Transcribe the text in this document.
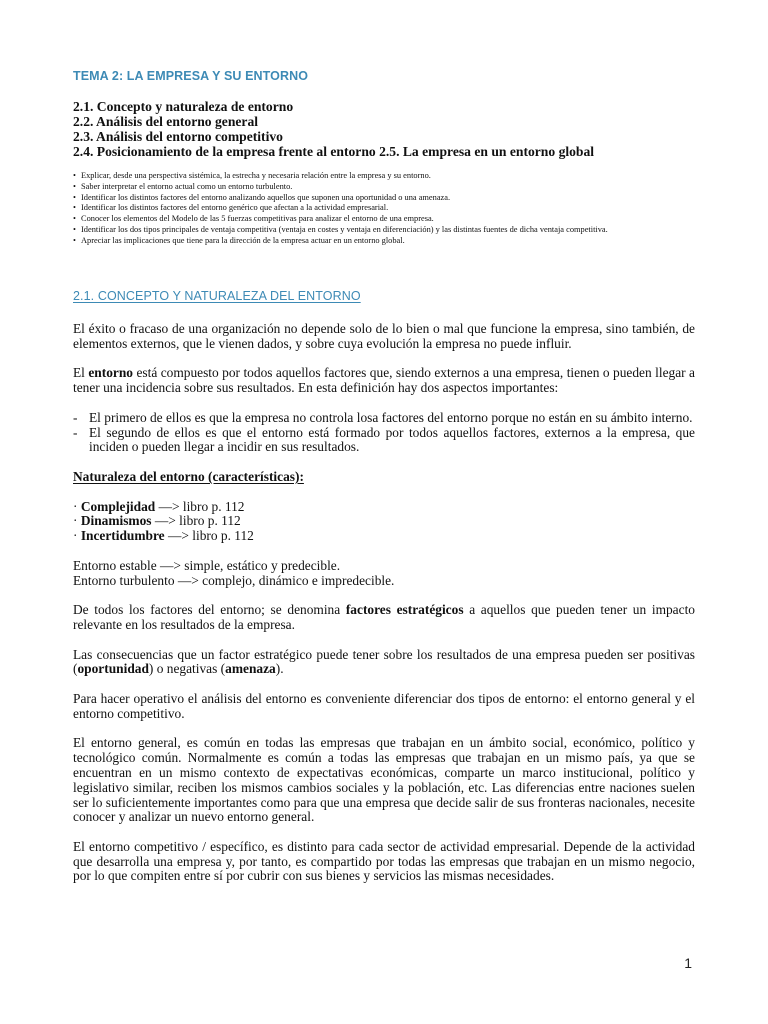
TEMA 2: LA EMPRESA Y SU ENTORNO
2.1. Concepto y naturaleza de entorno
2.2. Análisis del entorno general
2.3. Análisis del entorno competitivo
2.4. Posicionamiento de la empresa frente al entorno 2.5. La empresa en un entorno global
• Explicar, desde una perspectiva sistémica, la estrecha y necesaria relación entre la empresa y su entorno.
• Saber interpretar el entorno actual como un entorno turbulento.
• Identificar los distintos factores del entorno analizando aquellos que suponen una oportunidad o una amenaza.
• Identificar los distintos factores del entorno genérico que afectan a la actividad empresarial.
• Conocer los elementos del Modelo de las 5 fuerzas competitivas para analizar el entorno de una empresa.
• Identificar los dos tipos principales de ventaja competitiva (ventaja en costes y ventaja en diferenciación) y las distintas fuentes de dicha ventaja competitiva.
• Apreciar las implicaciones que tiene para la dirección de la empresa actuar en un entorno global.
2.1. CONCEPTO Y NATURALEZA DEL ENTORNO

El éxito o fracaso de una organización no depende solo de lo bien o mal que funcione la empresa, sino también, de elementos externos, que le vienen dados, y sobre cuya evolución la empresa no puede influir.

El entorno está compuesto por todos aquellos factores que, siendo externos a una empresa, tienen o pueden llegar a tener una incidencia sobre sus resultados. En esta definición hay dos aspectos importantes:

- El primero de ellos es que la empresa no controla losa factores del entorno porque no están en su ámbito interno.
- El segundo de ellos es que el entorno está formado por todos aquellos factores, externos a la empresa, que inciden o pueden llegar a incidir en sus resultados.

Naturaleza del entorno (características):

· Complejidad —> libro p. 112
· Dinamismos —> libro p. 112
· Incertidumbre —> libro p. 112
Entorno estable —> simple, estático y predecible.
Entorno turbulento —> complejo, dinámico e impredecible.

De todos los factores del entorno; se denomina factores estratégicos a aquellos que pueden tener un impacto relevante en los resultados de la empresa.

Las consecuencias que un factor estratégico puede tener sobre los resultados de una empresa pueden ser positivas (oportunidad) o negativas (amenaza).

Para hacer operativo el análisis del entorno es conveniente diferenciar dos tipos de entorno: el entorno general y el entorno competitivo.

El entorno general, es común en todas las empresas que trabajan en un ámbito social, económico, político y tecnológico común. Normalmente es común a todas las empresas que trabajan en un mismo país, ya que se encuentran en un mismo contexto de expectativas económicas, comparte un marco institucional, político y legislativo similar, reciben los mismos cambios sociales y la población, etc. Las diferencias entre naciones suelen ser lo suficientemente importantes como para que una empresa que decide salir de sus fronteras nacionales, necesite conocer y analizar un nuevo entorno general.

El entorno competitivo / específico, es distinto para cada sector de actividad empresarial. Depende de la actividad que desarrolla una empresa y, por tanto, es compartido por todas las empresas que trabajan en un mismo negocio, por lo que compiten entre sí por cubrir con sus bienes y servicios las mismas necesidades.

1
